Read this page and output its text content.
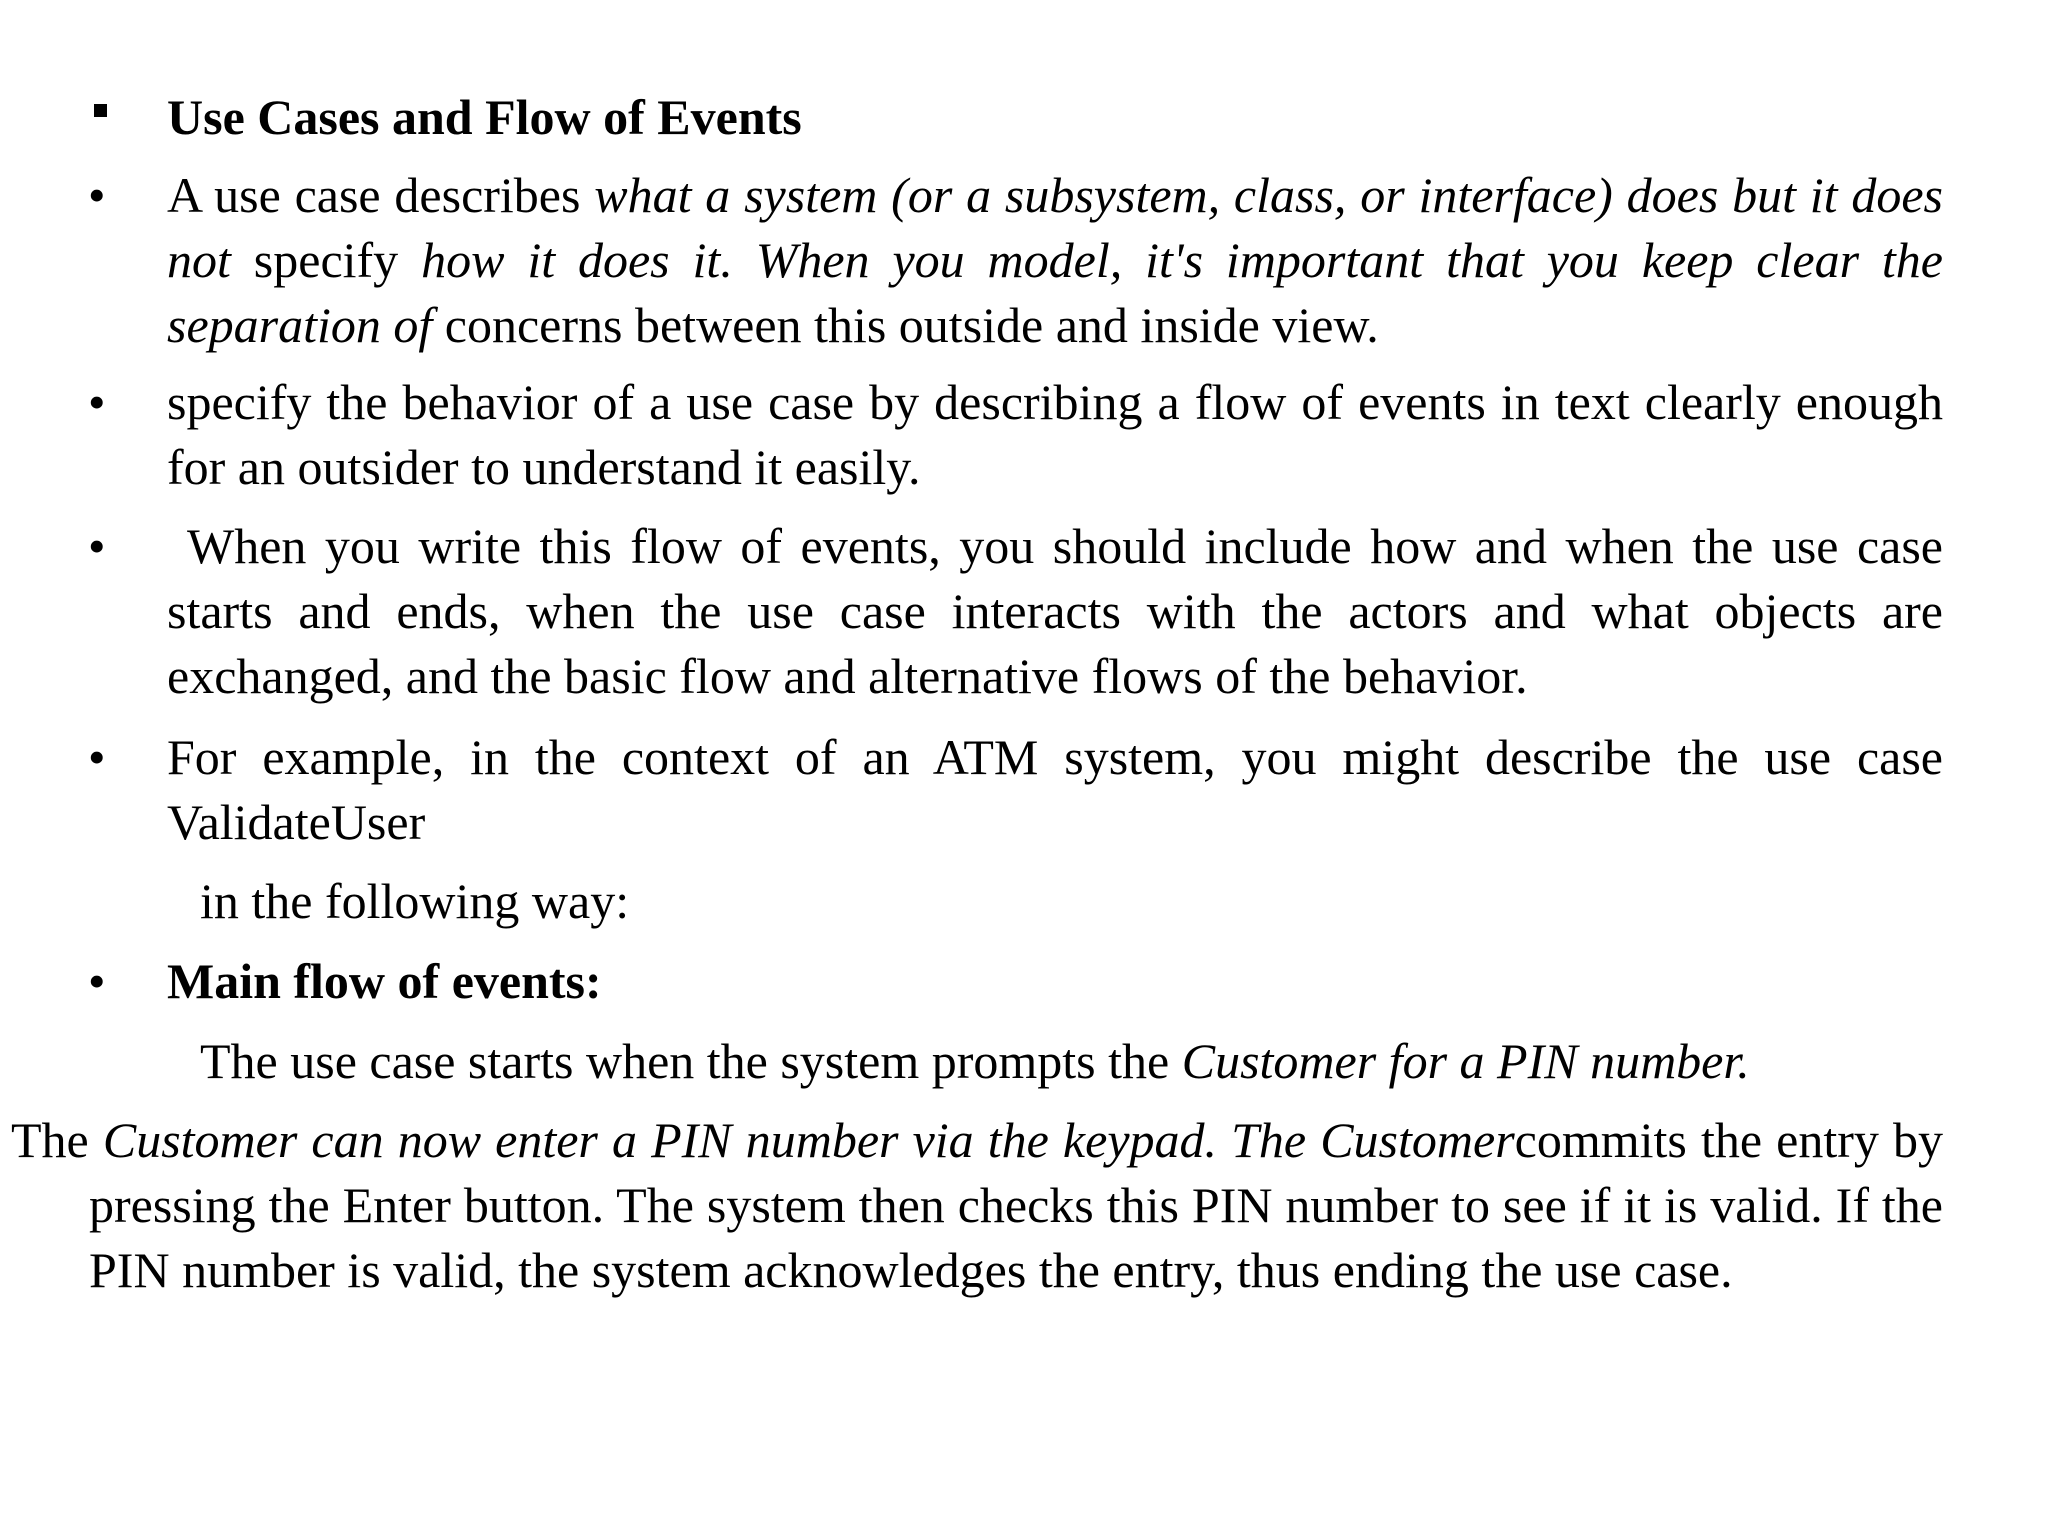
Use Cases and Flow of Events

• A use case describes what a system (or a subsystem, class, or interface) does but it does not specify how it does it. When you model, it's important that you keep clear the separation of concerns between this outside and inside view.

• specify the behavior of a use case by describing a flow of events in text clearly enough for an outsider to understand it easily.

•	When you write this flow of events, you should include how and when the use case starts and ends, when the use case interacts with the actors and what objects are exchanged, and the basic flow and alternative flows of the behavior.

• For example, in the context of an ATM system, you might describe the use case ValidateUser

in the following way:

• Main flow of events:

The use case starts when the system prompts the Customer for a PIN number.

The Customer can now enter a PIN number via the keypad. The Customercommits the entry by pressing the Enter button. The system then checks this PIN number to see if it is valid. If the PIN number is valid, the system acknowledges the entry, thus ending the use case.
